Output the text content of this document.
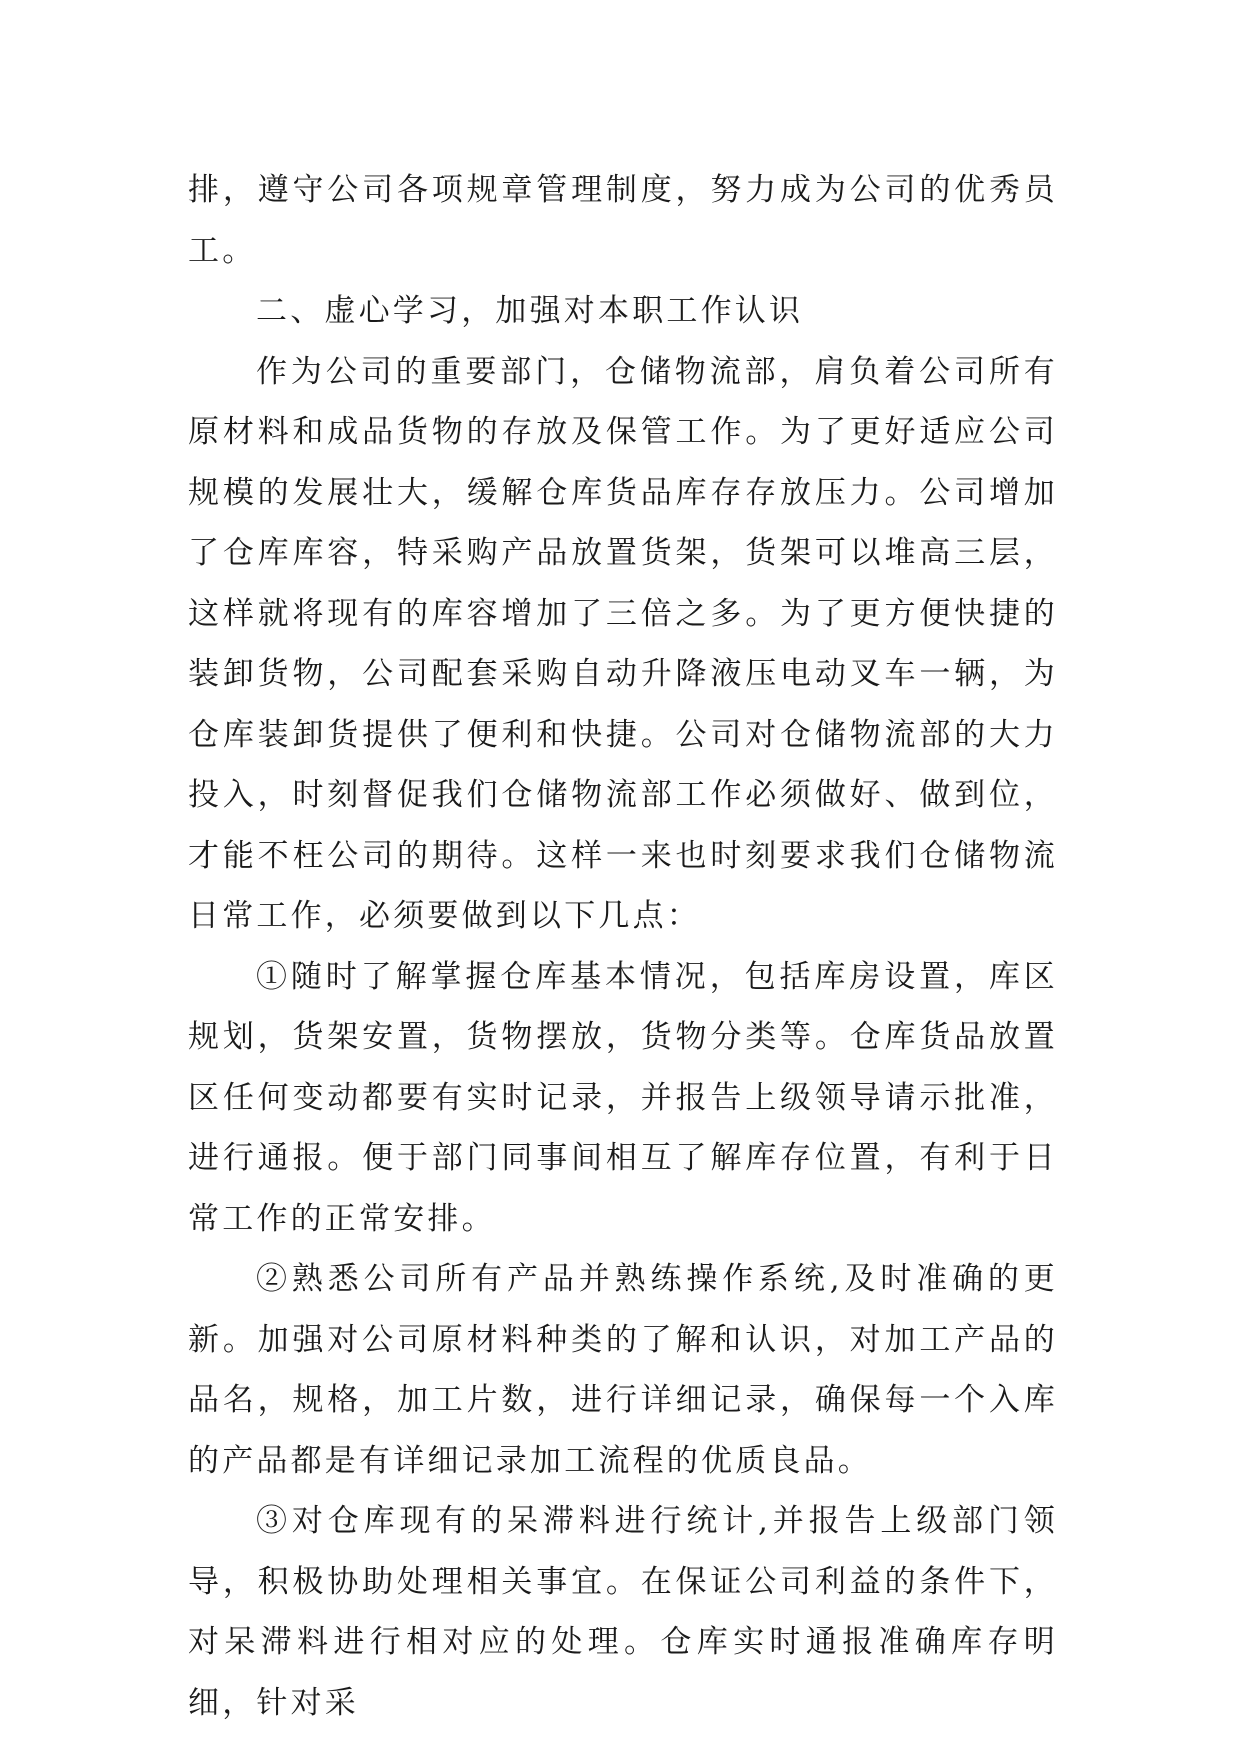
排，遵守公司各项规章管理制度，努力成为公司的优秀员工。

二、虚心学习，加强对本职工作认识

作为公司的重要部门，仓储物流部，肩负着公司所有原材料和成品货物的存放及保管工作。为了更好适应公司规模的发展壮大，缓解仓库货品库存存放压力。公司增加了仓库库容，特采购产品放置货架，货架可以堆高三层，这样就将现有的库容增加了三倍之多。为了更方便快捷的装卸货物，公司配套采购自动升降液压电动叉车一辆，为仓库装卸货提供了便利和快捷。公司对仓储物流部的大力投入，时刻督促我们仓储物流部工作必须做好、做到位，才能不枉公司的期待。这样一来也时刻要求我们仓储物流日常工作，必须要做到以下几点：

①随时了解掌握仓库基本情况，包括库房设置，库区规划，货架安置，货物摆放，货物分类等。仓库货品放置区任何变动都要有实时记录，并报告上级领导请示批准，进行通报。便于部门同事间相互了解库存位置，有利于日常工作的正常安排。

②熟悉公司所有产品并熟练操作系统,及时准确的更新。加强对公司原材料种类的了解和认识，对加工产品的品名，规格，加工片数，进行详细记录，确保每一个入库的产品都是有详细记录加工流程的优质良品。

③对仓库现有的呆滞料进行统计,并报告上级部门领导，积极协助处理相关事宜。在保证公司利益的条件下，对呆滞料进行相对应的处理。仓库实时通报准确库存明细，针对采
